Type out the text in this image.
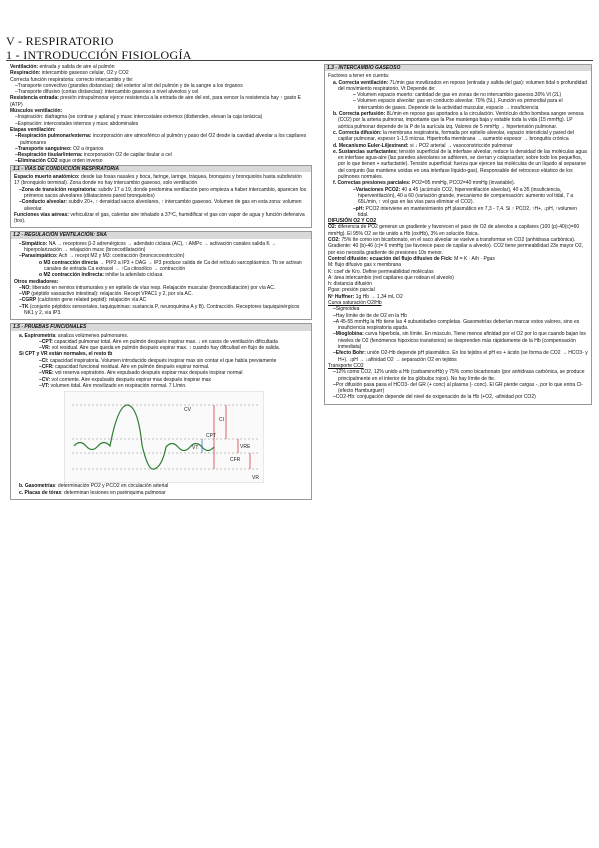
V - RESPIRATORIO
1 - INTRODUCCIÓN FISIOLOGÍA
Ventilación: entrada y salida de aire al pulmón
Respiración: intercambio gaseoso celular, O2 y CO2
Correcta función respiratoria: correcto intercambio y tte:
–Transporte convectivo (grandes distancias): del exterior al int del pulmón y de la sangre a los órganos
–Transporte difusivo (cortas distancias): intercambio gaseoso a nivel alveolos y cel
Resistencia entrada: presión intrapulmonar ejerce resistencia a la entrada de aire del ext, para vencer la resistencia hay ↑ gasto E (ATP)
Músculos ventilación:
–Inspiración: diafragma (se contrae y aplana) y musc intercostales externos (distienden, elevan la caja torácica)
–Espiración: intercostales internos y musc abdominales
Etapas ventilación:
–Respiración pulmonar/externa: incorporación aire atmosférico al pulmón y paso del O2 desde la cavidad alveolar a los capilares pulmonares
–Transporte sanguíneo: O2 a órganos
–Respiración tisular/interna: incorporación O2 de capilar tisular a cel
–Eliminación CO2 sigue orden inverso
1.1 - VÍAS DE CONDUCCIÓN RESPIRATORIA
Espacio muerto anatómico: desde las fosas nasales y boca, faringe, laringe, tráquea, bronquios y bronquiolos hasta subdivisión 17 (bronquiolo terminal). Zona donde no hay intercambio gaseoso, solo ventilación
–Zona de transición respiratoria: subdiv 17 a 19, donde predomina ventilación pero empieza a haber intercambio, aparecen los primeros sacos alveolares (dilataciones pared bronquiolos)
–Conducto alveolar: subdiv 20+, ↑ densidad sacos alveolares, ↑ intercambio gaseoso. Volumen de gas en esta zona: volumen alveolar.
Funciones vías aéreas: vehiculizar el gas, calentar aire inhalado a 37ºC, humidificar el gas con vapor de agua y función defensiva (tos).
1.2 - REGULACIÓN VENTILACIÓN: SNA
–Simpático: NA → receptores β-2 adrenérgicos → adenilato ciclasa (AC), ↑ AMPc → activación canales salida K → hiperpolarización → relajación musc (broncodilatación)
–Parasimpático: Ach → recept M2 y M3: contracción (broncoconstricción)
o M3 contracción directa → PIP2 a IP3 + DAG → IP3 produce salida de Ca del retículo sarcoplásmico. Tb se activan canales de entrada Ca extracel → ↑Ca citosólico → contracción
o M2 contracción indirecta: inhibe la adenilato ciclasa
Otros mediadores:
–NO: liberado en nervios intramurales y en epitelio de vías resp. Relajación muscular (broncodilatación) por vía AC.
–VIP (péptido vasoactivo intestinal): relajación. Recept VPAC1 y 2, por vía AC.
–CGRP (calcitonin gene related peptid): relajación vía AC
–TK (conjunto péptidos sensoriales, taquiquininas: sustancia P, neuroquinina A y B). Contracción. Receptores taquiquinérgicos NK1 y 2, vía IP3.
1.5 - PRUEBAS FUNCIONALES
a. Espirometría: analiza volúmenes pulmonares.
–CPT: capacidad pulmonar total. Aire en pulmón después inspirar max. ↓ en casos de ventilación dificultada
–VR: vol residual. Aire que queda en pulmón después espirar max. ↑ cuando hay dificultad en flujo de salida.
Si CPT y VR están normales, el resto tb
–CI: capacidad inspiratoria. Volumen introducido después inspirar max sin contar el que había previamente
–CFR: capacidad funcional residual. Aire en pulmón después espirar normal.
–VRE: vol reserva espiratorio. Aire expulsado después espirar max después inspirar normal
–CV: vol corriente. Aire expulsado después espirar max después inspirar max
–VT: volumen tidal. Aire movilizado en respiración normal. 7 L/min.
CPT
VR
CI
CFR
VRE
CV
VT
b. Gasometrías: determinación PO2 y PCO2 en circulación arterial
c. Placas de tórax: determinan lesiones en parénquima pulmonar
1.3 - INTERCAMBIO GASEOSO
Factores a tener en cuenta:
a. Correcta ventilación: 7L/min gas movilizados en reposo (entrada y salida del gas): volumen tidal o profundidad del movimiento respiratorio. Vt Depende de:
– Volumen espacio muerto: cantidad de gas en zonas de no intercambio gaseoso.30% Vt (2L)
– Volumen espacio alveolar: gas en conducto alveolar. 70% (5L). Función es primordial para el intercambio de gases. Depende de la actividad muscular, espacio → insuficiencia
b. Correcta perfusión: 8L/min en reposo gas aportados a la circulación. Ventrículo dcho bombea sangre venosa (CO2) por la arteria pulmonar, importante que la Pse mantenga baja y estable toda la vida (15 mmHg). LP aórtica pulmonar depende de la P de la aurícula izq. Valores de 5 mmHg → hipertensión pulmonar.
c. Correcta difusión: la membrana respiratoria, formada por epitelio alveolar, espacio intersticial y pared del capilar pulmonar, espesor 1-1,5 micras. Hipertrofia membrana → aumento espesor → bronquitis crónica
d. Mecanismo Euler-Liljestrand: si ↓ PO2 arterial → vasoconstricción pulmonar
e. Sustancias surfactantes: tensión superficial de la interfase alveolar, reduce la densidad de las moléculas agua en interfase agua-aire (las paredes alveolares se adhieren, se cierran y colapsarían; sobre todo los pequeños, por lo que tienen + surfactante). Tensión superficial: fuerza que ejercen las moléculas de un líquido al separarse del conjunto (las mantiene unidas en una interfase líquido-gas). Responsable del retroceso elástico de los pulmones normales.
f. Correctas presiones parciales: PO2=95 mmHg, PCO2=40 mmHg (invariable).
–Variaciones PCO2: 40 a 45 (acúmulo CO2, hiperventilación alveolar), 40 a 35 (insuficiencia, hiperventilación), 40 a 60 (variación grande, mecanismo de compensación: aumento vol tidal, 7 a 65L/min, ↑ vol gas en las vías para eliminar el CO2).
–pH: PCO2 interviene en mantenimiento pH plasmático en 7,3 - 7,4. Si ↑ PCO2, ↑H+, ↓pH, ↑volumen tidal.
DIFUSIÓN O2 Y CO2
O2: diferencia de PO2 generan un gradiente y favorecen el paso de O2 de alveolos a capilares (100 (p)-40(c)=60 mmHg). El 95% O2 se tte unido a Hb (oxiHb), 3% en solución física.
CO2: 75% tte como ion bicarbonato, en el saco alveolar se vuelve a transformar en CO2 (anhidrasa carbónica). Gradiente: 40 (b)-46 (c)= 6 mmHg (se favorece paso de capilar a alveolo). CO2 tiene permeabilidad 23x mayor O2, por eso necesita gradiente de presiones 10x menor.
Control difusión: ecuación del flujo difusivo de Fick: M = K · A/h · Pgas
M: flujo difusivo gas x membrana
K: coef de Kro. Define permeabilidad moléculas
A: área intercambio (red capilares que rodean el alveolo)
h: distancia difusión
Pgas: presión parcial
Nº Huffner: 1g Hb → 1,34 mL O2
Curva saturación O2/Hb
–Sigmoidea
–Hay límite de tte de O2 en la Hb
–A 45-55 mmHg la Hb tiene las 4 subunidades completas. Gasometrías deberían marcar estos valores, sino es insuficiencia respiratoria aguda.
–Mioglobina: curva hiperbola, sin límite. En músculo. Tiene menos afinidad por el O2 por lo que cuando bajan los niveles de O2 (fenómenos hipoxicos transitorios) se desprenden más rápidamente de la Hb (compensación inmediata)
–Efecto Bohr: unión O2-Hb depende pH plasmático. En los tejidos el pH es + ácido (se forma de CO2 → HCO3- y H+). ↓pH → ↓afinidad O2 → separación O2 en tejidos
Transporte CO2
–12% como CO2, 12% unido a Hb (carbaminoHb) y 75% como bicarbonato (por anhidrasa carbónica, se produce principalmente en el interior de los glóbulos rojos). No hay límite de tte.
–Por difusión pasa pasa el HCO3- del GR (+ conc) al plasma (- conc). El GR pierde cargas -, por lo que entra Cl- (efecto Hamburguer)
–CO2-Hb: conjugación depende del nivel de oxigenación de la Hb (+O2, -afinidad por CO2)
